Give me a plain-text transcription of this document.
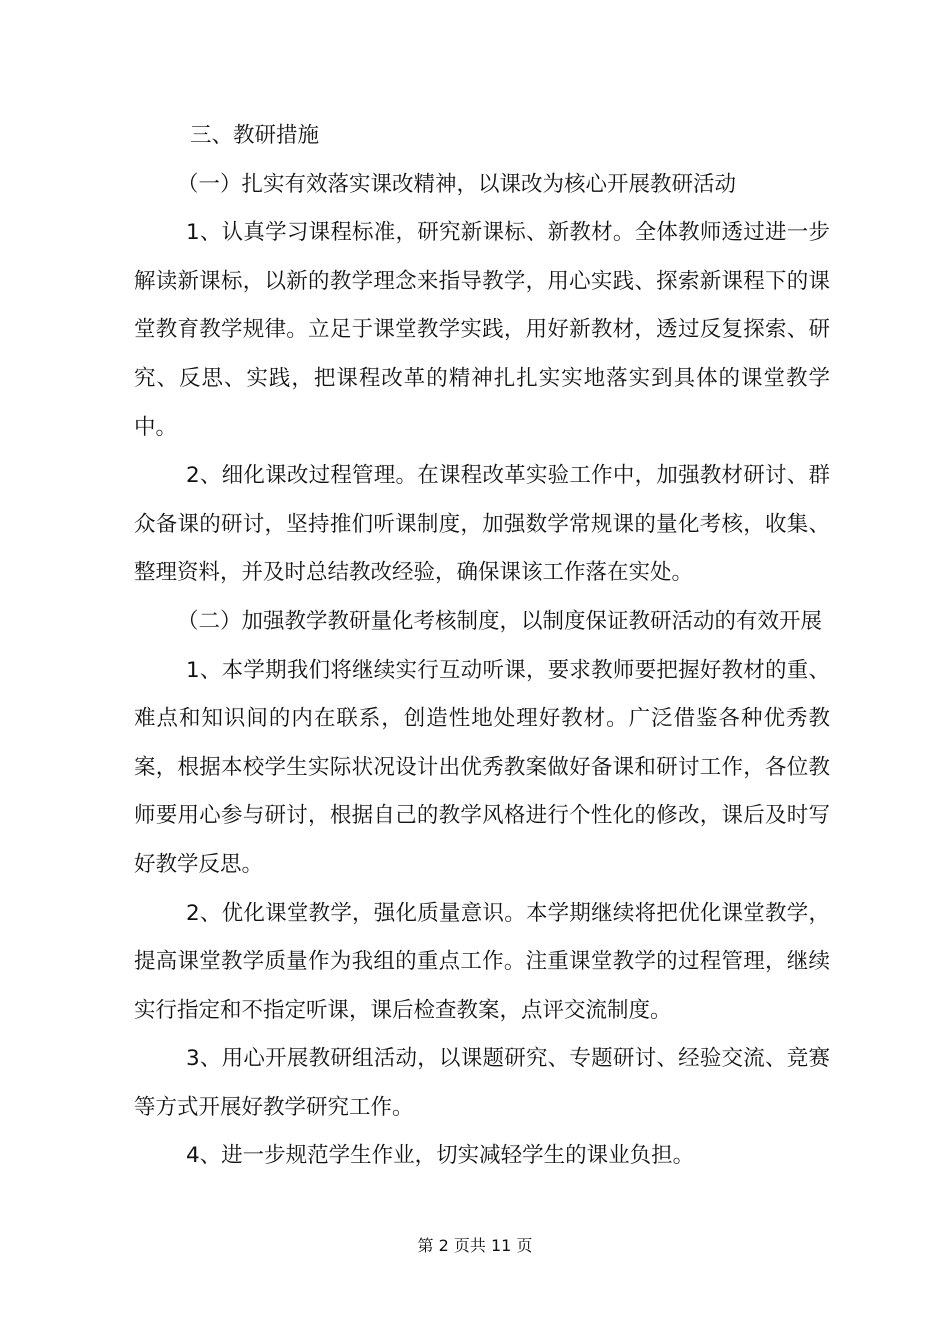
三、教研措施

（一）扎实有效落实课改精神，以课改为核心开展教研活动

1、认真学习课程标准，研究新课标、新教材。全体教师透过进一步解读新课标，以新的教学理念来指导教学，用心实践、探索新课程下的课堂教育教学规律。立足于课堂教学实践，用好新教材，透过反复探索、研究、反思、实践，把课程改革的精神扎扎实实地落实到具体的课堂教学中。

2、细化课改过程管理。在课程改革实验工作中，加强教材研讨、群众备课的研讨，坚持推们听课制度，加强数学常规课的量化考核，收集、整理资料，并及时总结教改经验，确保课该工作落在实处。

（二）加强教学教研量化考核制度，以制度保证教研活动的有效开展

1、本学期我们将继续实行互动听课，要求教师要把握好教材的重、难点和知识间的内在联系，创造性地处理好教材。广泛借鉴各种优秀教案，根据本校学生实际状况设计出优秀教案做好备课和研讨工作，各位教师要用心参与研讨，根据自己的教学风格进行个性化的修改，课后及时写好教学反思。

2、优化课堂教学，强化质量意识。本学期继续将把优化课堂教学，提高课堂教学质量作为我组的重点工作。注重课堂教学的过程管理，继续实行指定和不指定听课，课后检查教案，点评交流制度。

3、用心开展教研组活动，以课题研究、专题研讨、经验交流、竞赛等方式开展好教学研究工作。

4、进一步规范学生作业，切实减轻学生的课业负担。

第 2 页共 11 页
